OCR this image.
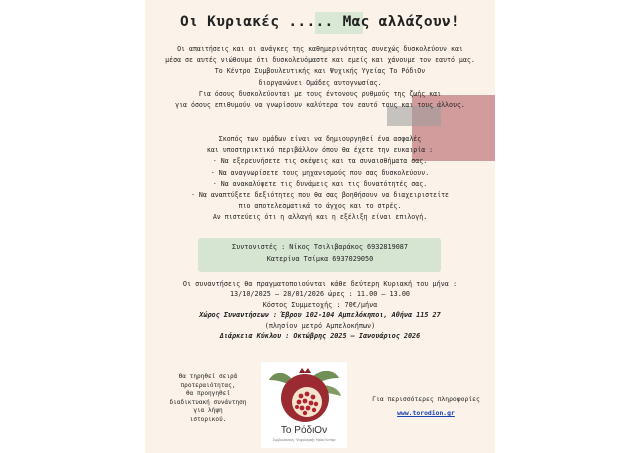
Οι Κυριακές ..... Μας αλλάζουν!
Οι απαιτήσεις και οι ανάγκες της καθημερινότητας συνεχώς δυσκολεύουν και
μέσα σε αυτές νιώθουμε ότι δυσκολευόμαστε και εμείς και χάνουμε τον εαυτό μας.
Το Κέντρο Συμβουλευτικής και Ψυχικής Υγείας Το ΡόδιΟν
διοργανώνει Ομάδες αυτογνωσίας.
Για όσους δυσκολεύονται με τους έντονους ρυθμούς της ζωής και
για όσους επιθυμούν να γνωρίσουν καλύτερα τον εαυτό τους και τους άλλους.
Σκοπός των ομάδων είναι να δημιουργηθεί ένα ασφαλές
και υποστηρικτικό περιβάλλον όπου θα έχετε την ευκαιρία :
· Να εξερευνήσετε τις σκέψεις και τα συναισθήματα σας.
· Να αναγνωρίσετε τους μηχανισμούς που σας δυσκολεύουν.
· Να ανακαλύψετε τις δυνάμεις και τις δυνατότητές σας.
· Να αναπτύξετε δεξιότητες που θα σας βοηθήσουν να διαχειριστείτε
πιο αποτελεσματικά το άγχος και το στρές.
Αν πιστεύεις ότι η αλλαγή και η εξέλιξη είναι επιλογή.
Συντονιστές : Νίκος Τσιλιβαράκος 6932819087
Κατερίνα Τσίμκα 6937029050
Οι συναντήσεις θα πραγματοποιούνται κάθε δεύτερη Κυριακή του μήνα :
13/10/2025 – 28/01/2026 ώρες : 11.00 – 13.00
Κόστος Συμμετοχής : 70€/μήνα
Χώρος Συναντήσεων : Έβρου 102-104 Αμπελόκηποι, Αθήνα 115 27
(πλησίον μετρό Αμπελοκήπων)
Διάρκεια Κύκλου : Οκτώβρης 2025 – Ιανουάριος 2026
Θα τηρηθεί σειρά
προτεραιότητας,
θα προηγηθεί
διαδικτυακή συνάντηση
για λήψη
ιστορικού.
Το ΡόδιΟν
Συμβουλευτική · Ψυχολογικής Υγείας Κεντρο
Για περισσότερες πληροφορίες
www.torodion.gr
